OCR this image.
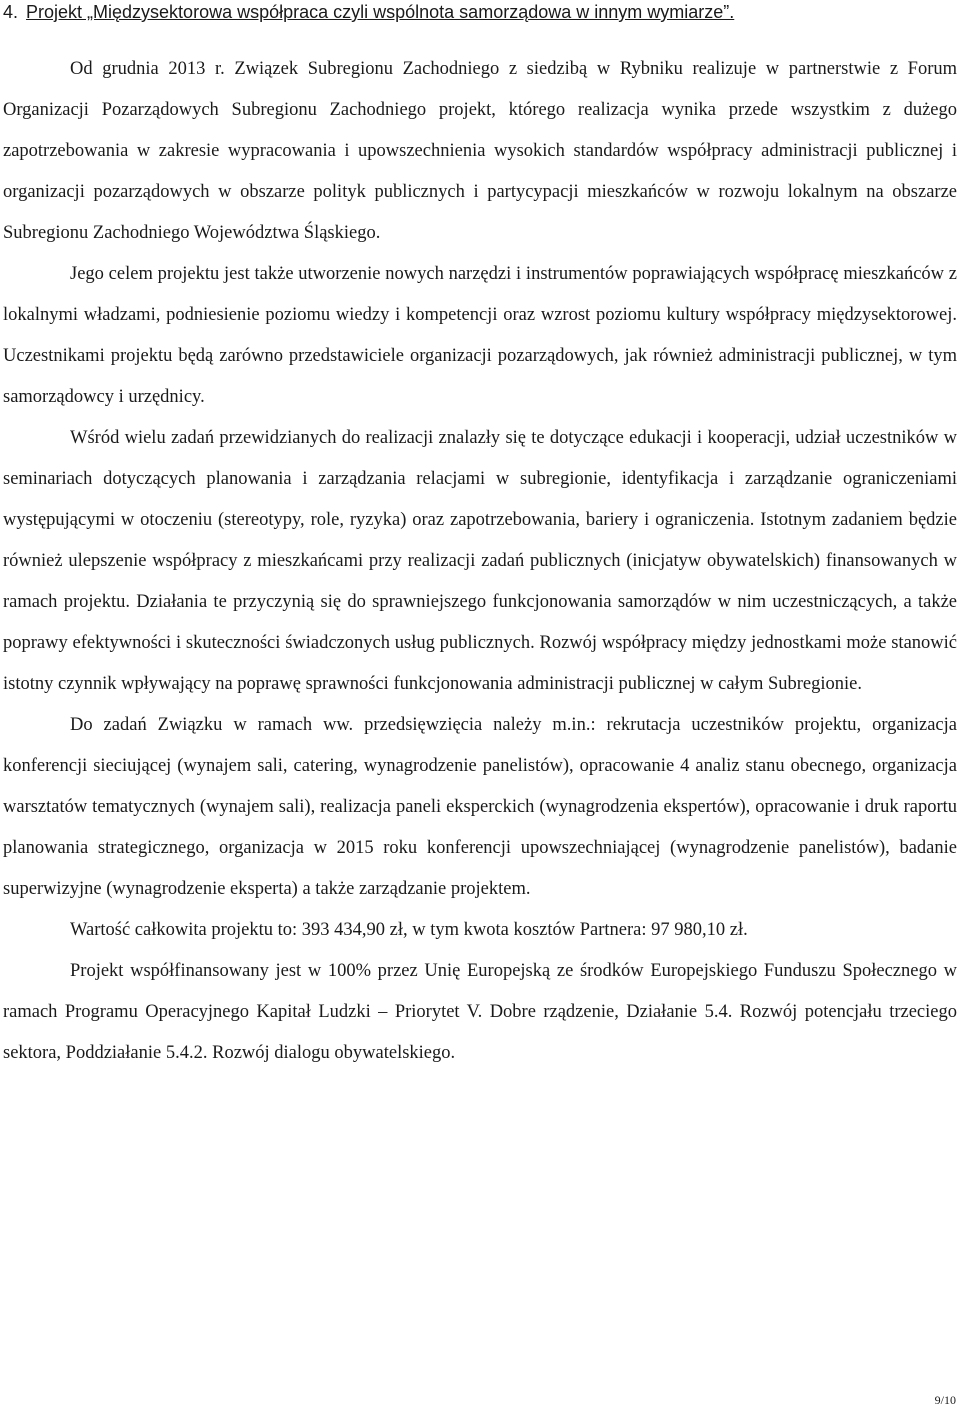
4. Projekt „Międzysektorowa współpraca czyli wspólnota samorządowa w innym wymiarze”.

Od grudnia 2013 r. Związek Subregionu Zachodniego z siedzibą w Rybniku realizuje w partnerstwie z Forum Organizacji Pozarządowych Subregionu Zachodniego projekt, którego realizacja wynika przede wszystkim z dużego zapotrzebowania w zakresie wypracowania i upowszechnienia wysokich standardów współpracy administracji publicznej i organizacji pozarządowych w obszarze polityk publicznych i partycypacji mieszkańców w rozwoju lokalnym na obszarze Subregionu Zachodniego Województwa Śląskiego.

Jego celem projektu jest także utworzenie nowych narzędzi i instrumentów poprawiających współpracę mieszkańców z lokalnymi władzami, podniesienie poziomu wiedzy i kompetencji oraz wzrost poziomu kultury współpracy międzysektorowej. Uczestnikami projektu będą zarówno przedstawiciele organizacji pozarządowych, jak również administracji publicznej, w tym samorządowcy i urzędnicy.

Wśród wielu zadań przewidzianych do realizacji znalazły się te dotyczące edukacji i kooperacji, udział uczestników w seminariach dotyczących planowania i zarządzania relacjami w subregionie, identyfikacja i zarządzanie ograniczeniami występującymi w otoczeniu (stereotypy, role, ryzyka) oraz zapotrzebowania, bariery i ograniczenia. Istotnym zadaniem będzie również ulepszenie współpracy z mieszkańcami przy realizacji zadań publicznych (inicjatyw obywatelskich) finansowanych w ramach projektu. Działania te przyczynią się do sprawniejszego funkcjonowania samorządów w nim uczestniczących, a także poprawy efektywności i skuteczności świadczonych usług publicznych. Rozwój współpracy między jednostkami może stanowić istotny czynnik wpływający na poprawę sprawności funkcjonowania administracji publicznej w całym Subregionie.

Do zadań Związku w ramach ww. przedsięwzięcia należy m.in.: rekrutacja uczestników projektu, organizacja konferencji sieciującej (wynajem sali, catering, wynagrodzenie panelistów), opracowanie 4 analiz stanu obecnego, organizacja warsztatów tematycznych (wynajem sali), realizacja paneli eksperckich (wynagrodzenia ekspertów), opracowanie i druk raportu planowania strategicznego, organizacja w 2015 roku konferencji upowszechniającej (wynagrodzenie panelistów), badanie superwizyjne (wynagrodzenie eksperta) a także zarządzanie projektem.

Wartość całkowita projektu to: 393 434,90 zł, w tym kwota kosztów Partnera: 97 980,10 zł.

Projekt współfinansowany jest w 100% przez Unię Europejską ze środków Europejskiego Funduszu Społecznego w ramach Programu Operacyjnego Kapitał Ludzki – Priorytet V. Dobre rządzenie, Działanie 5.4. Rozwój potencjału trzeciego sektora, Poddziałanie 5.4.2. Rozwój dialogu obywatelskiego.

9/10
